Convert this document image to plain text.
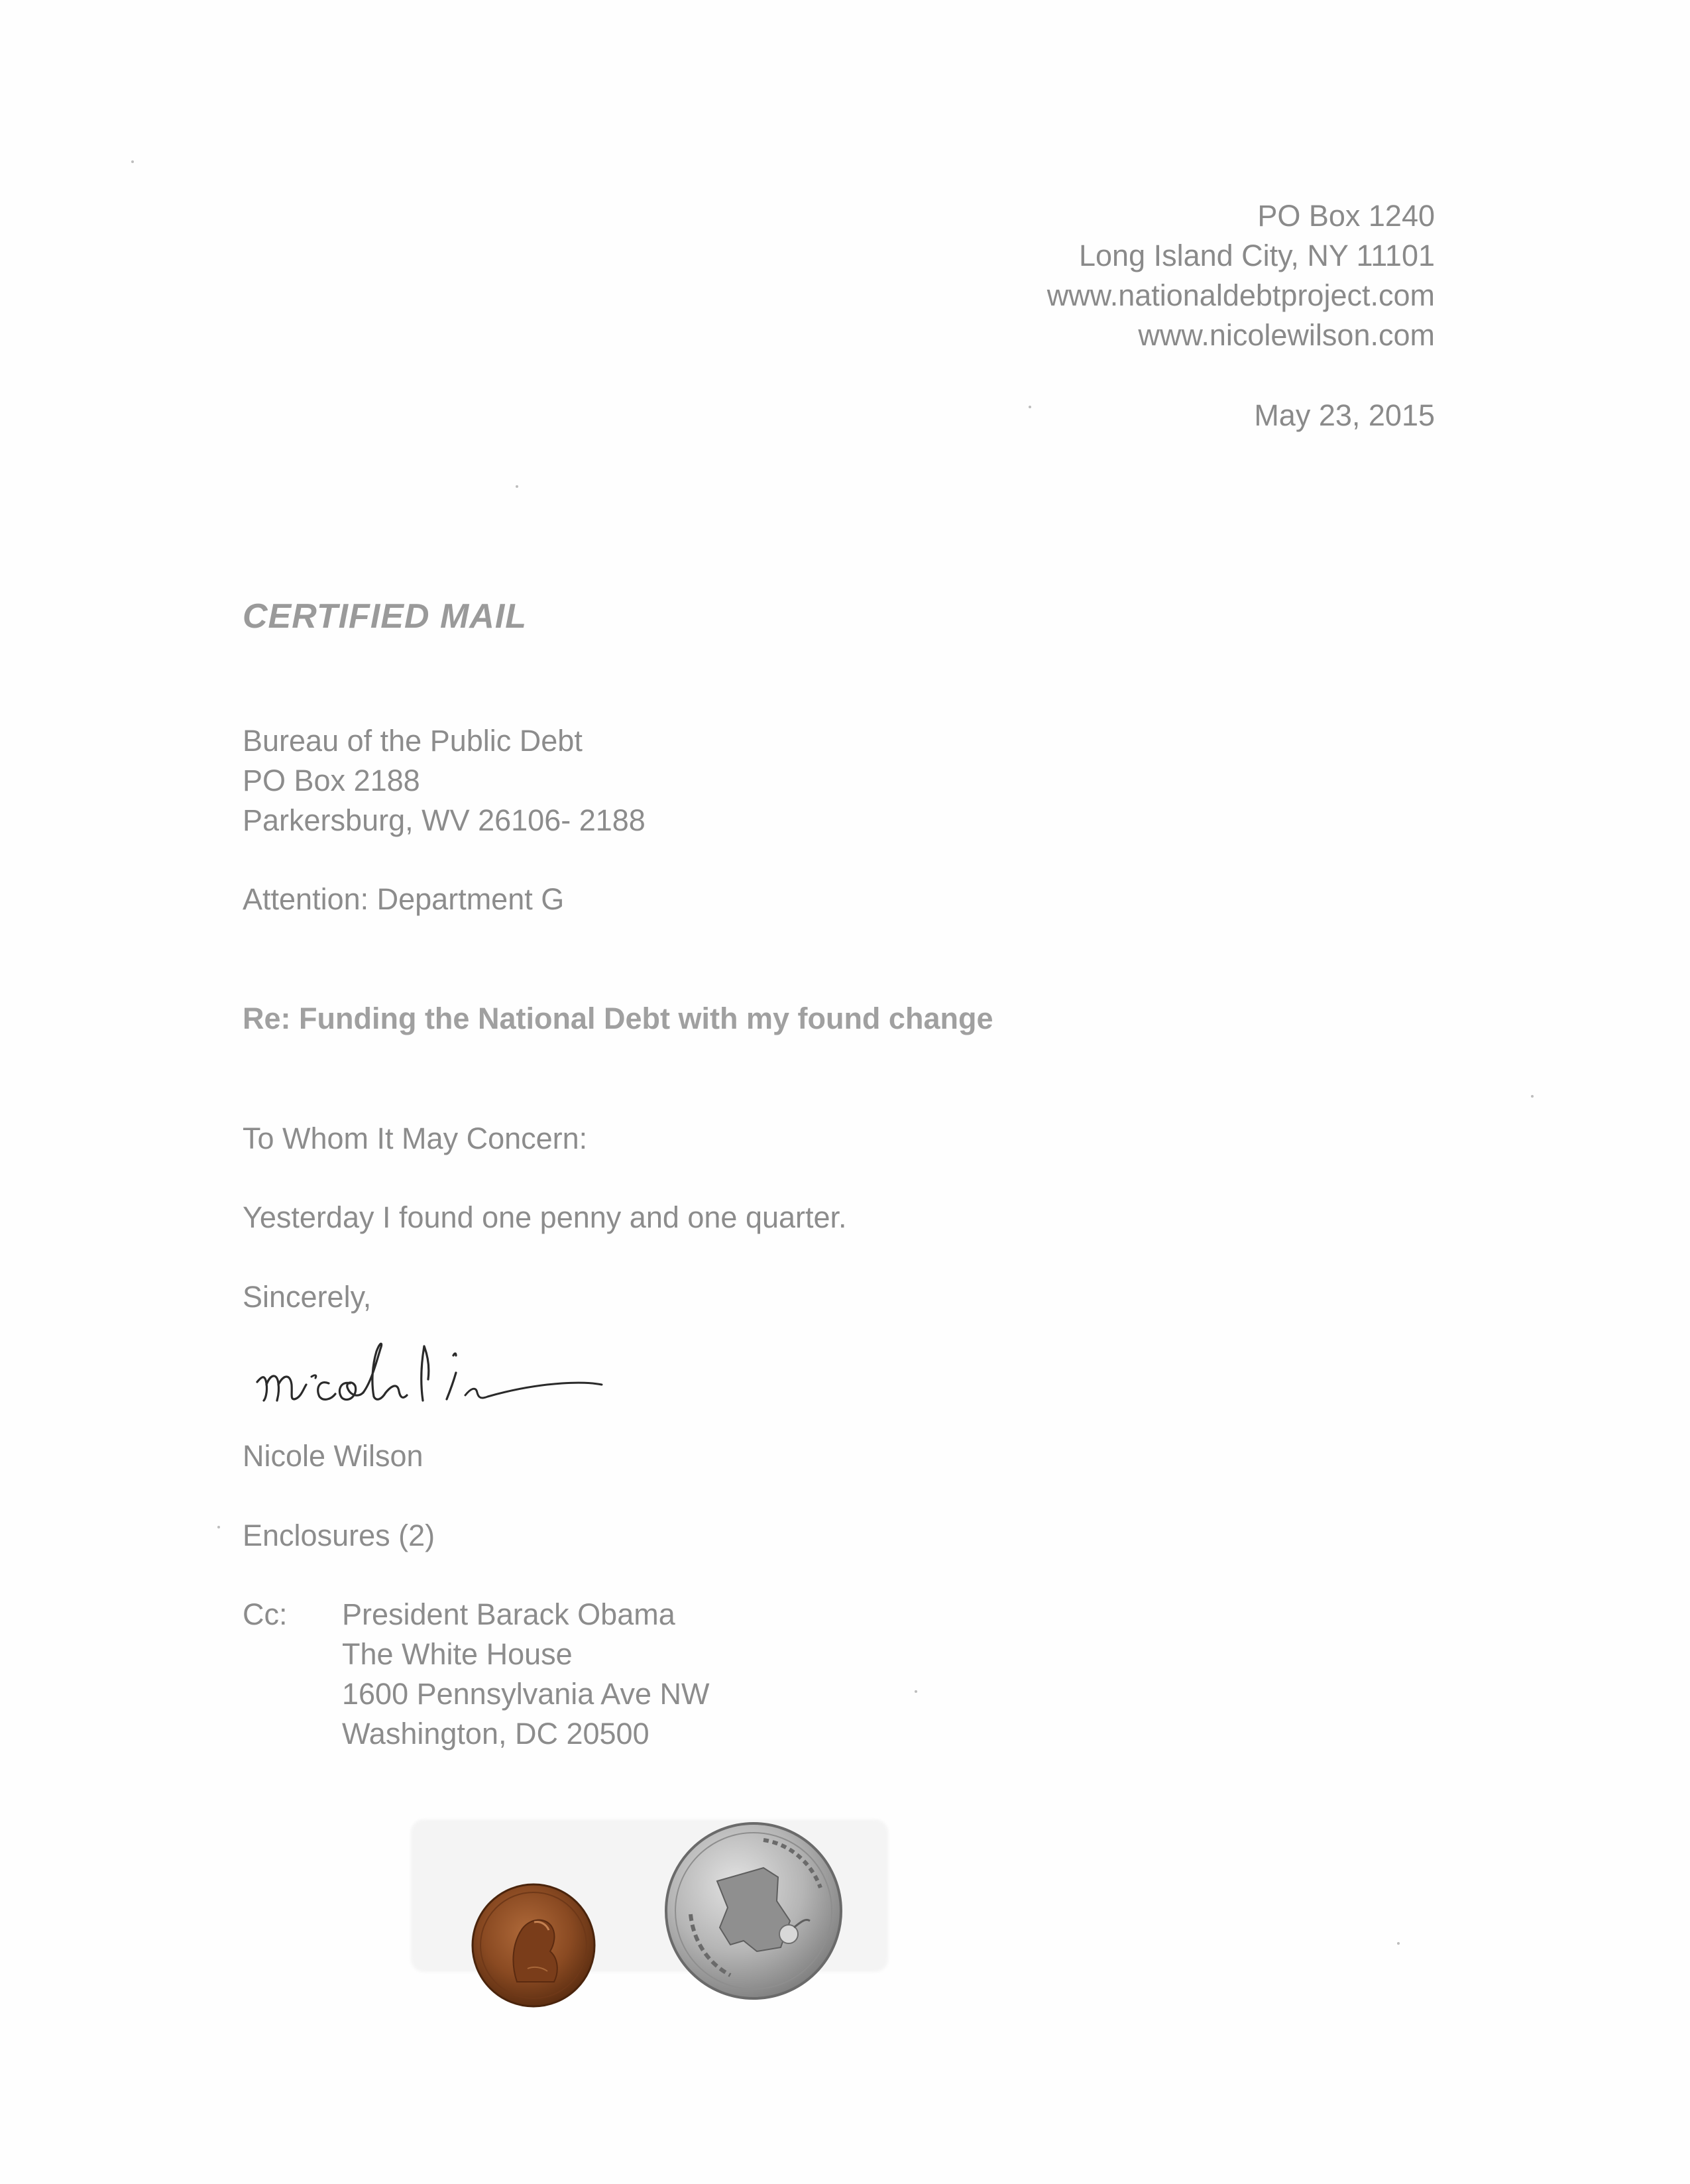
PO Box 1240
Long Island City, NY 11101
www.nationaldebtproject.com
www.nicolewilson.com
May 23, 2015
CERTIFIED MAIL
Bureau of the Public Debt
PO Box 2188
Parkersburg, WV 26106- 2188
Attention: Department G
Re: Funding the National Debt with my found change
To Whom It May Concern:
Yesterday I found one penny and one quarter.
Sincerely,
Nicole Wilson
Enclosures (2)
Cc: President Barack Obama
The White House
1600 Pennsylvania Ave NW
Washington, DC 20500
